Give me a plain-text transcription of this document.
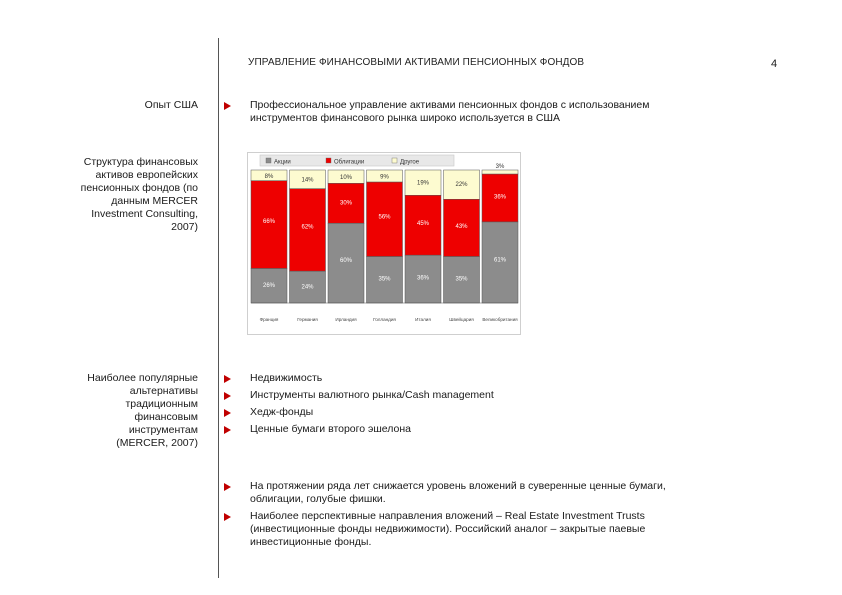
УПРАВЛЕНИЕ ФИНАНСОВЫМИ АКТИВАМИ ПЕНСИОННЫХ ФОНДОВ	4
Опыт США	Профессиональное управление активами пенсионных фондов с использованием
инструментов финансового рынка широко используется в США
Структура финансовых
активов европейских
пенсионных фондов (по
данным MERCER
Investment Consulting,
2007)
Акции	Облигации	Другое
26%
66%
8%
Франция
24%
62%
14%
Германия
60%
30%
10%
Ирландия
35%
56%
9%
Голландия
36%
45%
19%
Италия
35%
43%
22%
Швейцария
61%
36%
3%
Великобритания
Наиболее популярные
альтернативы
традиционным
финансовым
инструментам
(MERCER, 2007)
Недвижимость
Инструменты валютного рынка/Cash management
Хедж-фонды
Ценные бумаги второго эшелона
На протяжении ряда лет снижается уровень вложений в суверенные ценные бумаги,
облигации, голубые фишки.
Наиболее перспективные направления вложений – Real Estate Investment Trusts
(инвестиционные фонды недвижимости). Российский аналог – закрытые паевые
инвестиционные фонды.
